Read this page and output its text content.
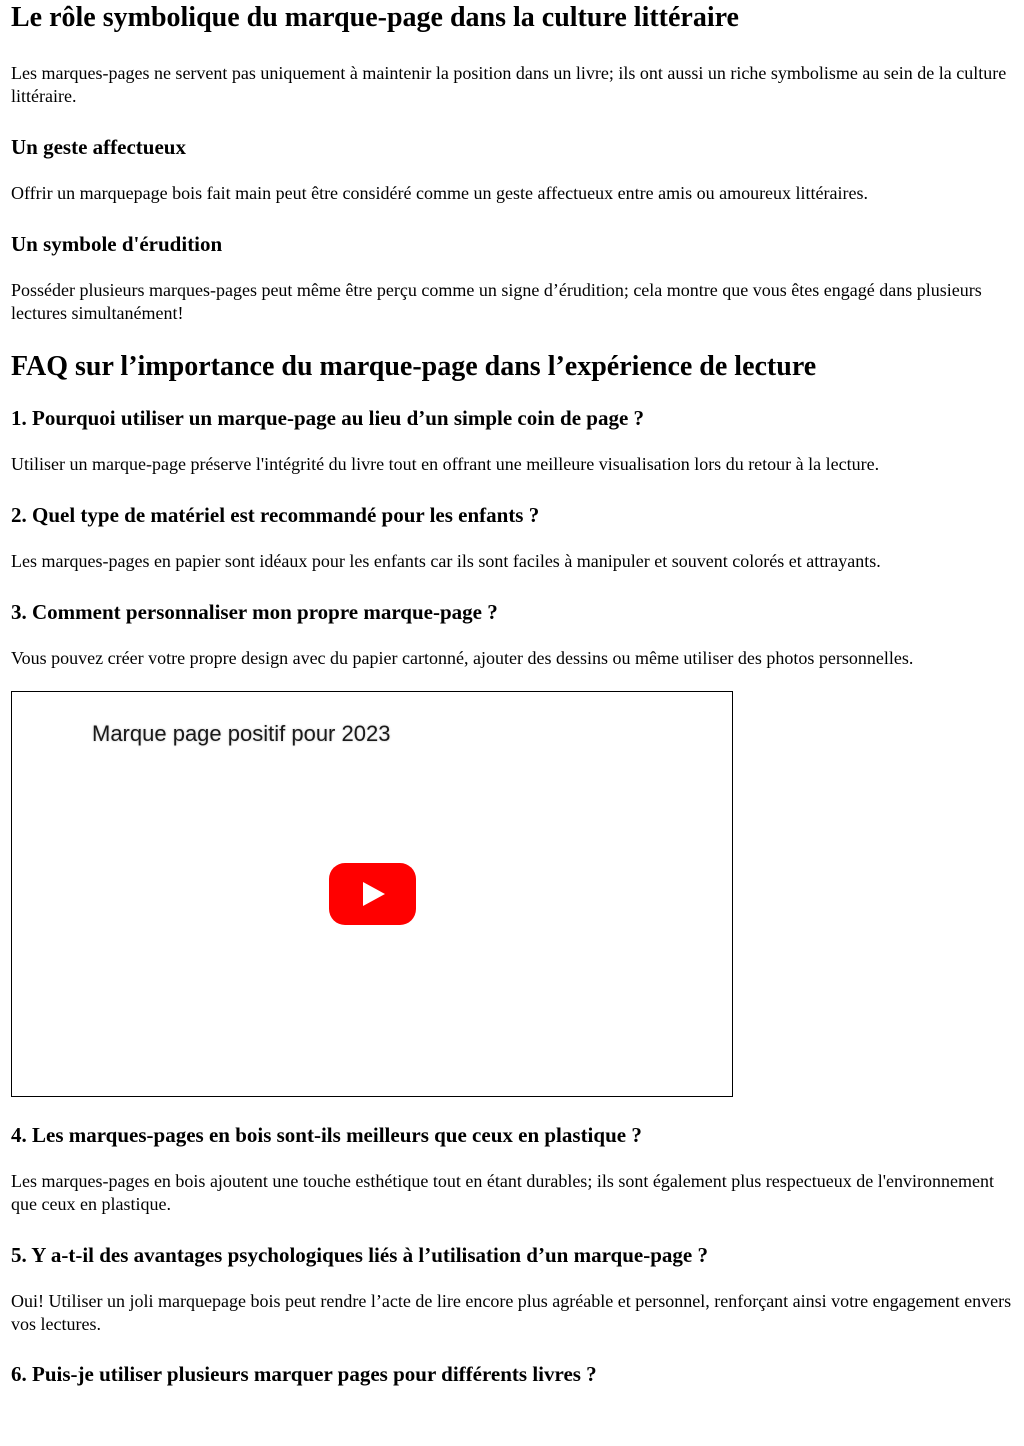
Le rôle symbolique du marque-page dans la culture littéraire

Les marques-pages ne servent pas uniquement à maintenir la position dans un livre; ils ont aussi un riche symbolisme au sein de la culture littéraire.

Un geste affectueux

Offrir un marquepage bois fait main peut être considéré comme un geste affectueux entre amis ou amoureux littéraires.

Un symbole d'érudition

Posséder plusieurs marques-pages peut même être perçu comme un signe d’érudition; cela montre que vous êtes engagé dans plusieurs lectures simultanément!

FAQ sur l’importance du marque-page dans l’expérience de lecture
1. Pourquoi utiliser un marque-page au lieu d’un simple coin de page ?

Utiliser un marque-page préserve l'intégrité du livre tout en offrant une meilleure visualisation lors du retour à la lecture.

2. Quel type de matériel est recommandé pour les enfants ?

Les marques-pages en papier sont idéaux pour les enfants car ils sont faciles à manipuler et souvent colorés et attrayants.

3. Comment personnaliser mon propre marque-page ?

Vous pouvez créer votre propre design avec du papier cartonné, ajouter des dessins ou même utiliser des photos personnelles.

Marque page positif pour 2023
4. Les marques-pages en bois sont-ils meilleurs que ceux en plastique ?

Les marques-pages en bois ajoutent une touche esthétique tout en étant durables; ils sont également plus respectueux de l'environnement que ceux en plastique.

5. Y a-t-il des avantages psychologiques liés à l’utilisation d’un marque-page ?

Oui! Utiliser un joli marquepage bois peut rendre l’acte de lire encore plus agréable et personnel, renforçant ainsi votre engagement envers vos lectures.

6. Puis-je utiliser plusieurs marquer pages pour différents livres ?
